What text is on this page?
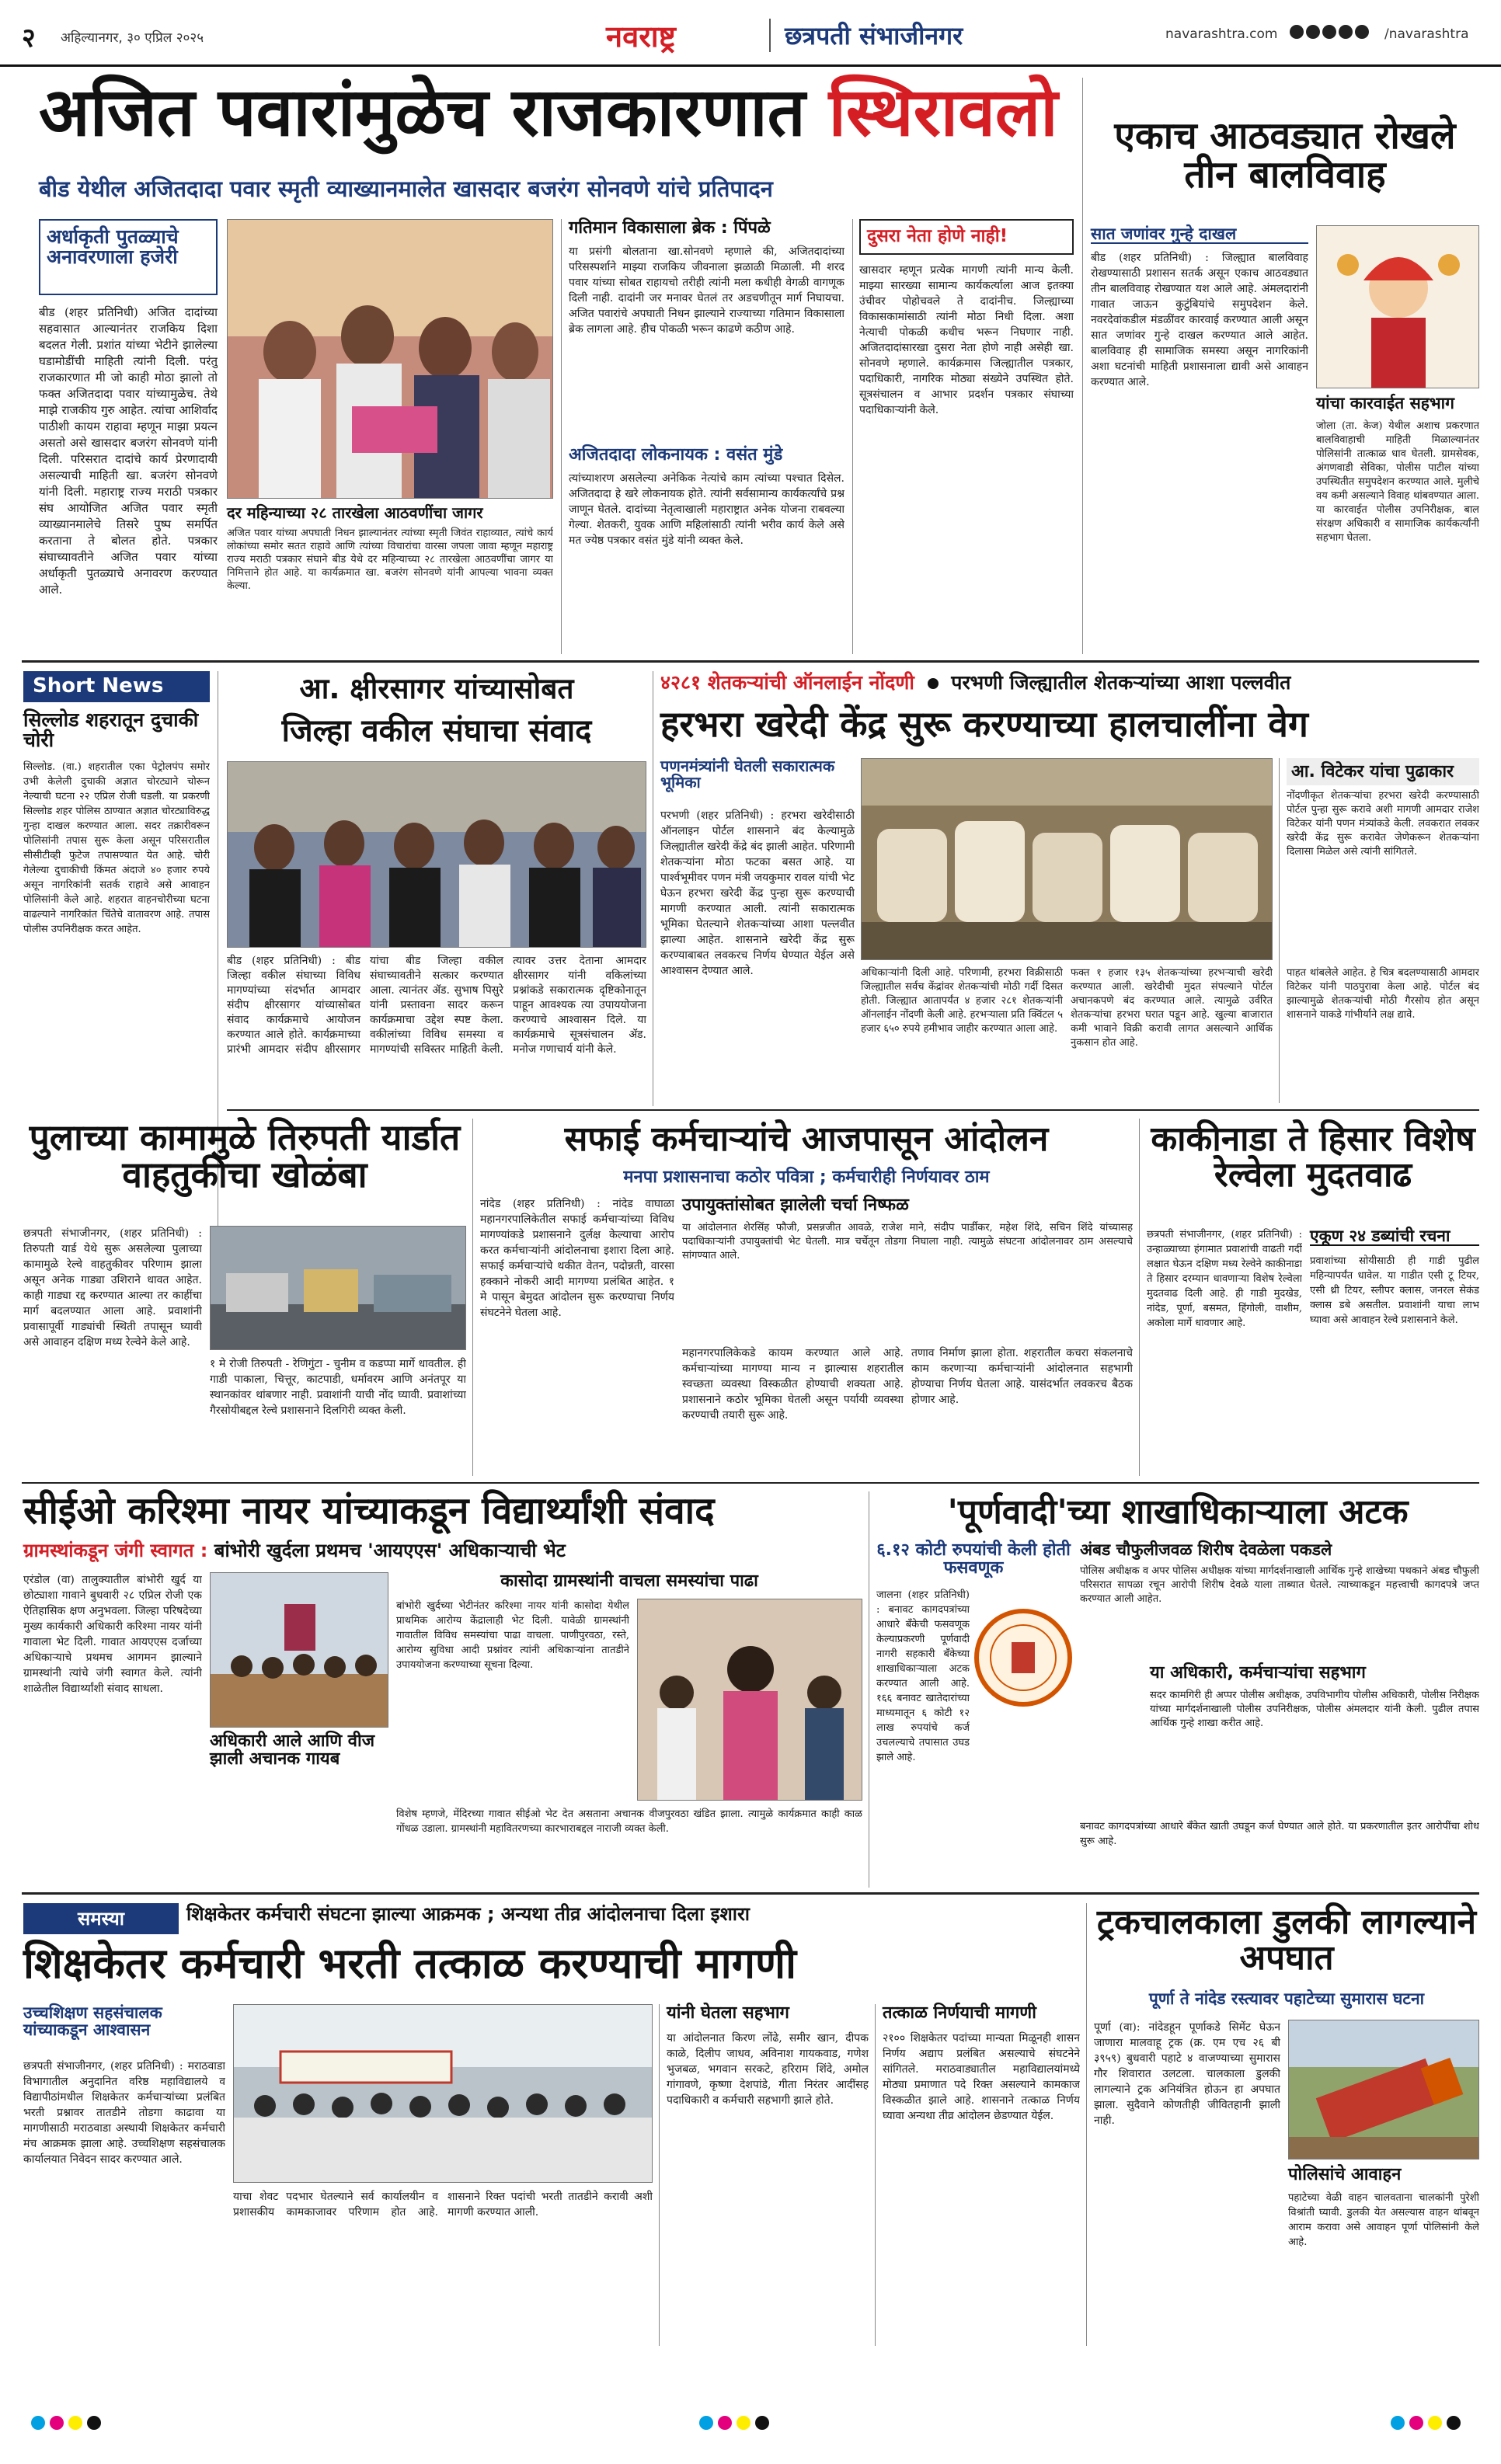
२ अहिल्यानगर, ३० एप्रिल २०२५	नवराष्ट्र	छत्रपती संभाजीनगर	navarashtra.com	/navarashtra
अजित पवारांमुळेच राजकारणात स्थिरावलो
बीड येथील अजितदादा पवार स्मृती व्याख्यानमालेत खासदार बजरंग सोनवणे यांचे प्रतिपादन
अर्धाकृती पुतळ्याचे अनावरणाला हजेरी
बीड (शहर प्रतिनिधी) अजित दादांच्या सहवासात आल्यानंतर राजकिय दिशा बदलत गेली. प्रशांत यांच्या भेटीने झालेल्या घडामोडींची माहिती त्यांनी दिली. परंतु राजकारणात मी जो काही मोठा झालो तो फक्त अजितदादा पवार यांच्यामुळेच. तेथे माझे राजकीय गुरु आहेत. त्यांचा आशिर्वाद पाठीशी कायम राहावा म्हणून माझा प्रयत्न असतो असे खासदार बजरंग सोनवणे यांनी दिली. परिसरात दादांचे कार्य प्रेरणादायी असल्याची माहिती खा. बजरंग सोनवणे यांनी दिली. महाराष्ट्र राज्य मराठी पत्रकार संघ आयोजित अजित पवार स्मृती व्याख्यानमालेचे तिसरे पुष्प समर्पित करताना ते बोलत होते. पत्रकार संघाच्यावतीने अजित पवार यांच्या अर्धाकृती पुतळ्याचे अनावरण करण्यात आले.
दर महिन्याच्या २८ तारखेला आठवणींचा जागर
अजित पवार यांच्या अपघाती निधन झाल्यानंतर त्यांच्या स्मृती जिवंत राहाव्यात, त्यांचे कार्य लोकांच्या समोर सतत राहावे आणि त्यांच्या विचारांचा वारसा जपला जावा म्हणून महाराष्ट्र राज्य मराठी पत्रकार संघाने बीड येथे दर महिन्याच्या २८ तारखेला आठवणींचा जागर या निमित्ताने होत आहे. या कार्यक्रमात खा. बजरंग सोनवणे यांनी आपल्या भावना व्यक्त केल्या.
गतिमान विकासाला ब्रेक : पिंपळे
या प्रसंगी बोलताना खा.सोनवणे म्हणाले की, अजितदादांच्या परिसस्पर्शाने माझ्या राजकिय जीवनाला झळाळी मिळाली. मी शरद पवार यांच्या सोबत राहायचो तरीही त्यांनी मला कधीही वेगळी वागणूक दिली नाही. दादांनी जर मनावर घेतलं तर अडचणीतून मार्ग निघायचा. अजित पवारांचे अपघाती निधन झाल्याने राज्याच्या गतिमान विकासाला ब्रेक लागला आहे. हीच पोकळी भरून काढणे कठीण आहे.
अजितदादा लोकनायक : वसंत मुंडे
त्यांच्याशरण असलेल्या अनेकिक नेत्यांचे काम त्यांच्या पश्चात दिसेल. अजितदादा हे खरे लोकनायक होते. त्यांनी सर्वसामान्य कार्यकर्त्यांचे प्रश्न जाणून घेतले. दादांच्या नेतृत्वाखाली महाराष्ट्रात अनेक योजना राबवल्या गेल्या. शेतकरी, युवक आणि महिलांसाठी त्यांनी भरीव कार्य केले असे मत ज्येष्ठ पत्रकार वसंत मुंडे यांनी व्यक्त केले.
दुसरा नेता होणे नाही!
खासदार म्हणून प्रत्येक मागणी त्यांनी मान्य केली. माझ्या सारख्या सामान्य कार्यकर्त्याला आज इतक्या उंचीवर पोहोचवले ते दादांनीच. जिल्ह्याच्या विकासकामांसाठी त्यांनी मोठा निधी दिला. अशा नेत्याची पोकळी कधीच भरून निघणार नाही. अजितदादांसारखा दुसरा नेता होणे नाही असेही खा. सोनवणे म्हणाले. कार्यक्रमास जिल्ह्यातील पत्रकार, पदाधिकारी, नागरिक मोठ्या संख्येने उपस्थित होते. सूत्रसंचालन व आभार प्रदर्शन पत्रकार संघाच्या पदाधिकाऱ्यांनी केले.
एकाच आठवड्यात रोखले तीन बालविवाह
सात जणांवर गुन्हे दाखल
बीड (शहर प्रतिनिधी) : जिल्ह्यात बालविवाह रोखण्यासाठी प्रशासन सतर्क असून एकाच आठवड्यात तीन बालविवाह रोखण्यात यश आले आहे. अंमलदारांनी गावात जाऊन कुटुंबियांचे समुपदेशन केले. नवरदेवांकडील मंडळींवर कारवाई करण्यात आली असून सात जणांवर गुन्हे दाखल करण्यात आले आहेत. बालविवाह ही सामाजिक समस्या असून नागरिकांनी अशा घटनांची माहिती प्रशासनाला द्यावी असे आवाहन करण्यात आले.
यांचा कारवाईत सहभाग
जोला (ता. केज) येथील अशाच प्रकरणात बालविवाहाची माहिती मिळाल्यानंतर पोलिसांनी तात्काळ धाव घेतली. ग्रामसेवक, अंगणवाडी सेविका, पोलीस पाटील यांच्या उपस्थितीत समुपदेशन करण्यात आले. मुलीचे वय कमी असल्याने विवाह थांबवण्यात आला. या कारवाईत पोलीस उपनिरीक्षक, बाल संरक्षण अधिकारी व सामाजिक कार्यकर्त्यांनी सहभाग घेतला.
Short News
सिल्लोड शहरातून दुचाकी चोरी
सिल्लोड. (वा.) शहरातील एका पेट्रोलपंप समोर उभी केलेली दुचाकी अज्ञात चोरट्याने चोरून नेल्याची घटना २२ एप्रिल रोजी घडली. या प्रकरणी सिल्लोड शहर पोलिस ठाण्यात अज्ञात चोरट्याविरुद्ध गुन्हा दाखल करण्यात आला. सदर तक्रारीवरून पोलिसांनी तपास सुरू केला असून परिसरातील सीसीटीव्ही फुटेज तपासण्यात येत आहे. चोरी गेलेल्या दुचाकीची किंमत अंदाजे ४० हजार रुपये असून नागरिकांनी सतर्क राहावे असे आवाहन पोलिसांनी केले आहे. शहरात वाहनचोरीच्या घटना वाढल्याने नागरिकांत चिंतेचे वातावरण आहे. तपास पोलीस उपनिरीक्षक करत आहेत.
आ. क्षीरसागर यांच्यासोबत
जिल्हा वकील संघाचा संवाद
बीड (शहर प्रतिनिधी) : बीड जिल्हा वकील संघाच्या विविध मागण्यांच्या संदर्भात आमदार संदीप क्षीरसागर यांच्यासोबत संवाद कार्यक्रमाचे आयोजन करण्यात आले होते. कार्यक्रमाच्या प्रारंभी आमदार संदीप क्षीरसागर यांचा बीड जिल्हा वकील संघाच्यावतीने सत्कार करण्यात आला. त्यानंतर ॲड. सुभाष पिसुरे यांनी प्रस्तावना सादर करून कार्यक्रमाचा उद्देश स्पष्ट केला. वकीलांच्या विविध समस्या व मागण्यांची सविस्तर माहिती केली. त्यावर उत्तर देताना आमदार क्षीरसागर यांनी वकिलांच्या प्रश्नांकडे सकारात्मक दृष्टिकोनातून पाहून आवश्यक त्या उपाययोजना करण्याचे आश्वासन दिले. या कार्यक्रमाचे सूत्रसंचालन ॲड. मनोज गणाचार्य यांनी केले.
४२८१ शेतकऱ्यांची ऑनलाईन नोंदणी परभणी जिल्ह्यातील शेतकऱ्यांच्या आशा पल्लवीत
हरभरा खरेदी केंद्र सुरू करण्याच्या हालचालींना वेग
पणनमंत्र्यांनी घेतली सकारात्मक भूमिका
परभणी (शहर प्रतिनिधी) : हरभरा खरेदीसाठी ऑनलाइन पोर्टल शासनाने बंद केल्यामुळे जिल्ह्यातील खरेदी केंद्रे बंद झाली आहेत. परिणामी शेतकऱ्यांना मोठा फटका बसत आहे. या पार्श्वभूमीवर पणन मंत्री जयकुमार रावल यांची भेट घेऊन हरभरा खरेदी केंद्र पुन्हा सुरू करण्याची मागणी करण्यात आली. त्यांनी सकारात्मक भूमिका घेतल्याने शेतकऱ्यांच्या आशा पल्लवीत झाल्या आहेत. शासनाने खरेदी केंद्र सुरू करण्याबाबत लवकरच निर्णय घेण्यात येईल असे आश्वासन देण्यात आले.	अधिकाऱ्यांनी दिली आहे. परिणामी, हरभरा विक्रीसाठी जिल्ह्यातील सर्वच केंद्रांवर शेतकऱ्यांची मोठी गर्दी दिसत होती. जिल्ह्यात आतापर्यंत ४ हजार २८१ शेतकऱ्यांनी ऑनलाईन नोंदणी केली आहे. हरभऱ्याला प्रति क्विंटल ५ हजार ६५० रुपये हमीभाव जाहीर करण्यात आला आहे.
फक्त १ हजार १३५ शेतकऱ्यांच्या हरभऱ्याची खरेदी करण्यात आली. खरेदीची मुदत संपल्याने पोर्टल अचानकपणे बंद करण्यात आले. त्यामुळे उर्वरित शेतकऱ्यांचा हरभरा घरात पडून आहे. खुल्या बाजारात कमी भावाने विक्री करावी लागत असल्याने आर्थिक नुकसान होत आहे.
आ. विटेकर यांचा पुढाकार
नोंदणीकृत शेतकऱ्यांचा हरभरा खरेदी करण्यासाठी पोर्टल पुन्हा सुरू करावे अशी मागणी आमदार राजेश विटेकर यांनी पणन मंत्र्यांकडे केली. लवकरात लवकर खरेदी केंद्र सुरू करावेत जेणेकरून शेतकऱ्यांना दिलासा मिळेल असे त्यांनी सांगितले.
पाहत थांबलेले आहेत. हे चित्र बदलण्यासाठी आमदार विटेकर यांनी पाठपुरावा केला आहे. पोर्टल बंद झाल्यामुळे शेतकऱ्यांची मोठी गैरसोय होत असून शासनाने याकडे गांभीर्याने लक्ष द्यावे.
पुलाच्या कामामुळे तिरुपती यार्डात वाहतुकीचा खोळंबा
छत्रपती संभाजीनगर, (शहर प्रतिनिधी) : तिरुपती यार्ड येथे सुरू असलेल्या पुलाच्या कामामुळे रेल्वे वाहतुकीवर परिणाम झाला असून अनेक गाड्या उशिराने धावत आहेत. काही गाड्या रद्द करण्यात आल्या तर काहींचा मार्ग बदलण्यात आला आहे. प्रवाशांनी प्रवासापूर्वी गाड्यांची स्थिती तपासून घ्यावी असे आवाहन दक्षिण मध्य रेल्वेने केले आहे.
१ मे रोजी तिरुपती - रेणिगुंटा - चुनीम व कडप्पा मार्गे धावतील. ही गाडी पाकाला, चित्तूर, काटपाडी, धर्मावरम आणि अनंतपूर या स्थानकांवर थांबणार नाही. प्रवाशांनी याची नोंद घ्यावी. प्रवाशांच्या गैरसोयीबद्दल रेल्वे प्रशासनाने दिलगिरी व्यक्त केली.
सफाई कर्मचाऱ्यांचे आजपासून आंदोलन
मनपा प्रशासनाचा कठोर पवित्रा ; कर्मचारीही निर्णयावर ठाम
नांदेड (शहर प्रतिनिधी) : नांदेड वाघाळा महानगरपालिकेतील सफाई कर्मचाऱ्यांच्या विविध मागण्यांकडे प्रशासनाने दुर्लक्ष केल्याचा आरोप करत कर्मचाऱ्यांनी आंदोलनाचा इशारा दिला आहे. सफाई कर्मचाऱ्यांचे थकीत वेतन, पदोन्नती, वारसा हक्काने नोकरी आदी मागण्या प्रलंबित आहेत. १ मे पासून बेमुदत आंदोलन सुरू करण्याचा निर्णय संघटनेने घेतला आहे.
उपायुक्तांसोबत झालेली चर्चा निष्फळ
या आंदोलनात शेरसिंह फौजी, प्रसन्नजीत आवळे, राजेश माने, संदीप पार्डीकर, महेश शिंदे, सचिन शिंदे यांच्यासह पदाधिकाऱ्यांनी उपायुक्तांची भेट घेतली. मात्र चर्चेतून तोडगा निघाला नाही. त्यामुळे संघटना आंदोलनावर ठाम असल्याचे सांगण्यात आले.
महानगरपालिकेकडे कायम करण्यात आले आहे. कर्मचाऱ्यांच्या मागण्या मान्य न झाल्यास शहरातील स्वच्छता व्यवस्था विस्कळीत होण्याची शक्यता आहे. प्रशासनाने कठोर भूमिका घेतली असून पर्यायी व्यवस्था करण्याची तयारी सुरू आहे.
तणाव निर्माण झाला होता. शहरातील कचरा संकलनाचे काम करणाऱ्या कर्मचाऱ्यांनी आंदोलनात सहभागी होण्याचा निर्णय घेतला आहे. यासंदर्भात लवकरच बैठक होणार आहे.
काकीनाडा ते हिसार विशेष रेल्वेला मुदतवाढ
छत्रपती संभाजीनगर, (शहर प्रतिनिधी) : उन्हाळ्याच्या हंगामात प्रवाशांची वाढती गर्दी लक्षात घेऊन दक्षिण मध्य रेल्वेने काकीनाडा ते हिसार दरम्यान धावणाऱ्या विशेष रेल्वेला मुदतवाढ दिली आहे. ही गाडी मुदखेड, नांदेड, पूर्णा, बसमत, हिंगोली, वाशीम, अकोला मार्गे धावणार आहे.
एकूण २४ डब्यांची रचना
प्रवाशांच्या सोयीसाठी ही गाडी पुढील महिन्यापर्यंत धावेल. या गाडीत एसी टू टियर, एसी थ्री टियर, स्लीपर क्लास, जनरल सेकंड क्लास डबे असतील. प्रवाशांनी याचा लाभ घ्यावा असे आवाहन रेल्वे प्रशासनाने केले.
सीईओ करिश्मा नायर यांच्याकडून विद्यार्थ्यांशी संवाद
ग्रामस्थांकडून जंगी स्वागत : बांभोरी खुर्दला प्रथमच 'आयएएस' अधिकाऱ्याची भेट
एरंडोल (वा) तालुक्यातील बांभोरी खुर्द या छोट्याशा गावाने बुधवारी २८ एप्रिल रोजी एक ऐतिहासिक क्षण अनुभवला. जिल्हा परिषदेच्या मुख्य कार्यकारी अधिकारी करिश्मा नायर यांनी गावाला भेट दिली. गावात आयएएस दर्जाच्या अधिकाऱ्याचे प्रथमच आगमन झाल्याने ग्रामस्थांनी त्यांचे जंगी स्वागत केले. त्यांनी शाळेतील विद्यार्थ्यांशी संवाद साधला.
कासोदा ग्रामस्थांनी वाचला समस्यांचा पाढा
बांभोरी खुर्दच्या भेटीनंतर करिश्मा नायर यांनी कासोदा येथील प्राथमिक आरोग्य केंद्रालाही भेट दिली. यावेळी ग्रामस्थांनी गावातील विविध समस्यांचा पाढा वाचला. पाणीपुरवठा, रस्ते, आरोग्य सुविधा आदी प्रश्नांवर त्यांनी अधिकाऱ्यांना तातडीने उपाययोजना करण्याच्या सूचना दिल्या.
अधिकारी आले आणि वीज झाली अचानक गायब
विशेष म्हणजे, मेंदिरच्या गावात सीईओ भेट देत असताना अचानक वीजपुरवठा खंडित झाला. त्यामुळे कार्यक्रमात काही काळ गोंधळ उडाला. ग्रामस्थांनी महावितरणच्या कारभाराबद्दल नाराजी व्यक्त केली.
'पूर्णवादी'च्या शाखाधिकाऱ्याला अटक
६.१२ कोटी रुपयांची केली होती फसवणूक
जालना (शहर प्रतिनिधी) : बनावट कागदपत्रांच्या आधारे बँकेची फसवणूक केल्याप्रकरणी पूर्णवादी नागरी सहकारी बँकेच्या शाखाधिकाऱ्याला अटक करण्यात आली आहे. १६६ बनावट खातेदारांच्या माध्यमातून ६ कोटी १२ लाख रुपयांचे कर्ज उचलल्याचे तपासात उघड झाले आहे.
अंबड चौफुलीजवळ शिरीष देवळेला पकडले
पोलिस अधीक्षक व अपर पोलिस अधीक्षक यांच्या मार्गदर्शनाखाली आर्थिक गुन्हे शाखेच्या पथकाने अंबड चौफुली परिसरात सापळा रचून आरोपी शिरीष देवळे याला ताब्यात घेतले. त्याच्याकडून महत्त्वाची कागदपत्रे जप्त करण्यात आली आहेत.
या अधिकारी, कर्मचाऱ्यांचा सहभाग
सदर कामगिरी ही अप्पर पोलीस अधीक्षक, उपविभागीय पोलीस अधिकारी, पोलीस निरीक्षक यांच्या मार्गदर्शनाखाली पोलीस उपनिरीक्षक, पोलीस अंमलदार यांनी केली. पुढील तपास आर्थिक गुन्हे शाखा करीत आहे.
बनावट कागदपत्रांच्या आधारे बँकेत खाती उघडून कर्ज घेण्यात आले होते. या प्रकरणातील इतर आरोपींचा शोध सुरू आहे.
समस्या	शिक्षकेतर कर्मचारी संघटना झाल्या आक्रमक ; अन्यथा तीव्र आंदोलनाचा दिला इशारा
शिक्षकेतर कर्मचारी भरती तत्काळ करण्याची मागणी
उच्चशिक्षण सहसंचालक यांच्याकडून आश्वासन
छत्रपती संभाजीनगर, (शहर प्रतिनिधी) : मराठवाडा विभागातील अनुदानित वरिष्ठ महाविद्यालये व विद्यापीठांमधील शिक्षकेतर कर्मचाऱ्यांच्या प्रलंबित भरती प्रश्नावर तातडीने तोडगा काढावा या मागणीसाठी मराठवाडा अस्थायी शिक्षकेतर कर्मचारी मंच आक्रमक झाला आहे. उच्चशिक्षण सहसंचालक कार्यालयात निवेदन सादर करण्यात आले.
याचा शेवट पदभार घेतल्याने सर्व कार्यालयीन व प्रशासकीय कामकाजावर परिणाम होत आहे. शासनाने रिक्त पदांची भरती तातडीने करावी अशी मागणी करण्यात आली.
यांनी घेतला सहभाग
या आंदोलनात किरण लोंढे, समीर खान, दीपक काळे, दिलीप जाधव, अविनाश गायकवाड, गणेश भुजबळ, भगवान सरकटे, हरिराम शिंदे, अमोल गांगावणे, कृष्णा देशपांडे, गीता निरंतर आदींसह पदाधिकारी व कर्मचारी सहभागी झाले होते.
तत्काळ निर्णयाची मागणी
२१०० शिक्षकेतर पदांच्या मान्यता मिळूनही शासन निर्णय अद्याप प्रलंबित असल्याचे संघटनेने सांगितले. मराठवाड्यातील महाविद्यालयांमध्ये मोठ्या प्रमाणात पदे रिक्त असल्याने कामकाज विस्कळीत झाले आहे. शासनाने तत्काळ निर्णय घ्यावा अन्यथा तीव्र आंदोलन छेडण्यात येईल.
ट्रकचालकाला डुलकी लागल्याने अपघात
पूर्णा ते नांदेड रस्त्यावर पहाटेच्या सुमारास घटना
पूर्णा (वा): नांदेडहून पूर्णाकडे सिमेंट घेऊन जाणारा मालवाहू ट्रक (क्र. एम एच २६ बी ३९५९) बुधवारी पहाटे ४ वाजण्याच्या सुमारास गौर शिवारात उलटला. चालकाला डुलकी लागल्याने ट्रक अनियंत्रित होऊन हा अपघात झाला. सुदैवाने कोणतीही जीवितहानी झाली नाही.
पोलिसांचे आवाहन
पहाटेच्या वेळी वाहन चालवताना चालकांनी पुरेशी विश्रांती घ्यावी. डुलकी येत असल्यास वाहन थांबवून आराम करावा असे आवाहन पूर्णा पोलिसांनी केले आहे.
